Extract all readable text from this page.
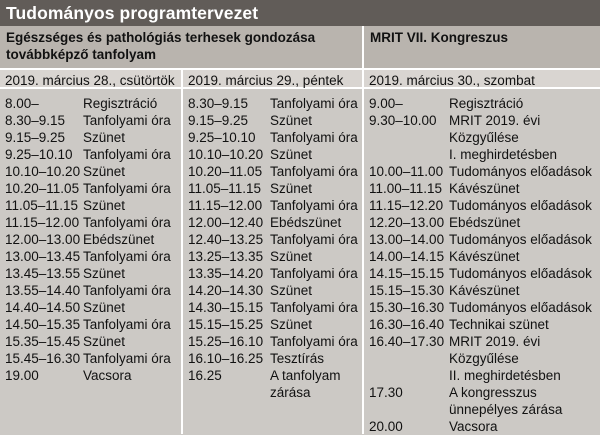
Tudományos programtervezet
Egészséges és pathológiás terhesek gondozása
továbbképző tanfolyam
MRIT VII. Kongreszus
2019. március 28., csütörtök 2019. március 29., péntek	2019. március 30., szombat
8.00–	Regisztráció
8.30–9.15	Tanfolyami óra
9.15–9.25	Szünet
9.25–10.10 Tanfolyami óra
10.10–10.20 Szünet
10.20–11.05 Tanfolyami óra
11.05–11.15 Szünet
11.15–12.00 Tanfolyami óra
12.00–13.00 Ebédszünet
13.00–13.45 Tanfolyami óra
13.45–13.55 Szünet
13.55–14.40 Tanfolyami óra
14.40–14.50 Szünet
14.50–15.35 Tanfolyami óra
15.35–15.45 Szünet
15.45–16.30 Tanfolyami óra
19.00	Vacsora
8.30–9.15	Tanfolyami óra
9.15–9.25	Szünet
9.25–10.10	Tanfolyami óra
10.10–10.20 Szünet
10.20–11.05 Tanfolyami óra
11.05–11.15 Szünet
11.15–12.00 Tanfolyami óra
12.00–12.40 Ebédszünet
12.40–13.25 Tanfolyami óra
13.25–13.35 Szünet
13.35–14.20 Tanfolyami óra
14.20–14.30 Szünet
14.30–15.15 Tanfolyami óra
15.15–15.25 Szünet
15.25–16.10 Tanfolyami óra
16.10–16.25 Tesztírás
16.25	A tanfolyam
zárása
9.00–	Regisztráció
9.30–10.00 MRIT 2019. évi
Közgyűlése
I. meghirdetésben
10.00–11.00 Tudományos előadások
11.00–11.15 Kávészünet
11.15–12.20 Tudományos előadások
12.20–13.00 Ebédszünet
13.00–14.00 Tudományos előadások
14.00–14.15 Kávészünet
14.15–15.15 Tudományos előadások
15.15–15.30 Kávészünet
15.30–16.30 Tudományos előadások
16.30–16.40 Technikai szünet
16.40–17.30 MRIT 2019. évi
Közgyűlése
II. meghirdetésben
17.30	A kongresszus
ünnepélyes zárása
20.00	Vacsora
